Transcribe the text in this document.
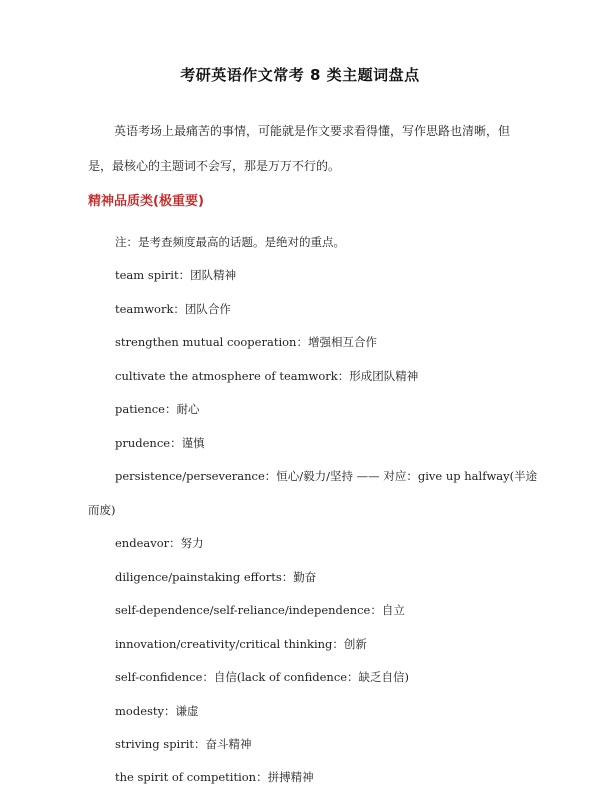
考研英语作文常考 8 类主题词盘点
英语考场上最痛苦的事情，可能就是作文要求看得懂，写作思路也清晰，但
是，最核心的主题词不会写，那是万万不行的。
精神品质类(极重要)
注：是考查频度最高的话题。是绝对的重点。
team spirit：团队精神
teamwork：团队合作
strengthen mutual cooperation：增强相互合作
cultivate the atmosphere of teamwork：形成团队精神
patience：耐心
prudence：谨慎
persistence/perseverance：恒心/毅力/坚持 —— 对应：give up halfway(半途
而废)
endeavor：努力
diligence/painstaking efforts：勤奋
self-dependence/self-reliance/independence：自立
innovation/creativity/critical thinking：创新
self-confidence：自信(lack of confidence：缺乏自信)
modesty：谦虚
striving spirit：奋斗精神
the spirit of competition：拼搏精神
